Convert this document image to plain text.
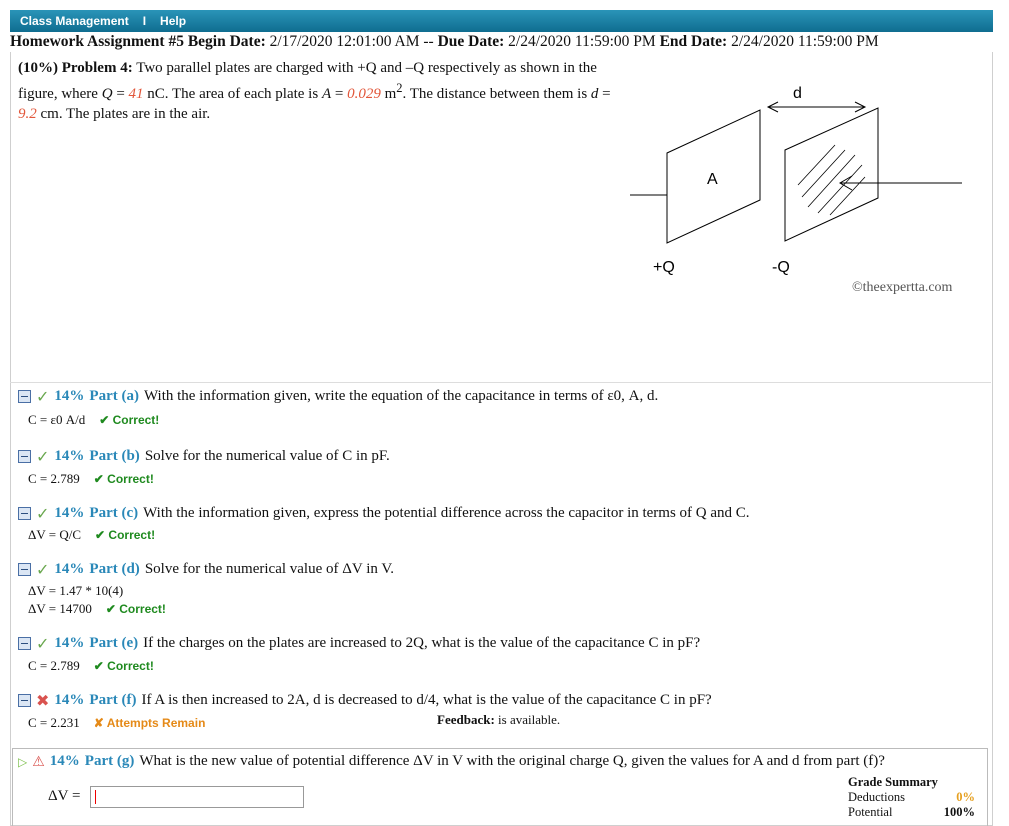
Class Management	I	Help
Homework Assignment #5 Begin Date: 2/17/2020 12:01:00 AM -- Due Date: 2/24/2020 11:59:00 PM End Date: 2/24/2020 11:59:00 PM
(10%) Problem 4: Two parallel plates are charged with +Q and –Q respectively as shown in the figure, where Q = 41 nC. The area of each plate is A = 0.029 $m^2$. The distance between them is d = 9.2 cm. The plates are in the air.
d
A
+Q	-Q
©theexpertta.com
✓ 14% Part (a) With the information given, write the equation of the capacitance in terms of ε0, A, d.
C = ε0 A/d ✔ Correct!
✓ 14% Part (b) Solve for the numerical value of C in pF.
C = 2.789 ✔ Correct!
✓ 14% Part (c) With the information given, express the potential difference across the capacitor in terms of Q and C.
ΔV = Q/C ✔ Correct!
✓ 14% Part (d) Solve for the numerical value of ΔV in V.
ΔV = 1.47 * 10(4)
ΔV = 14700 ✔ Correct!
✓ 14% Part (e) If the charges on the plates are increased to 2Q, what is the value of the capacitance C in pF?
C = 2.789 ✔ Correct!
✖ 14% Part (f) If A is then increased to 2A, d is decreased to d/4, what is the value of the capacitance C in pF?
C = 2.231 ✘ Attempts Remain	Feedback: is available.
▷ ⚠ 14% Part (g) What is the new value of potential difference ΔV in V with the original charge Q, given the values for A and d from part (f)?
ΔV =
Grade Summary
Deductions	0%
Potential	100%
